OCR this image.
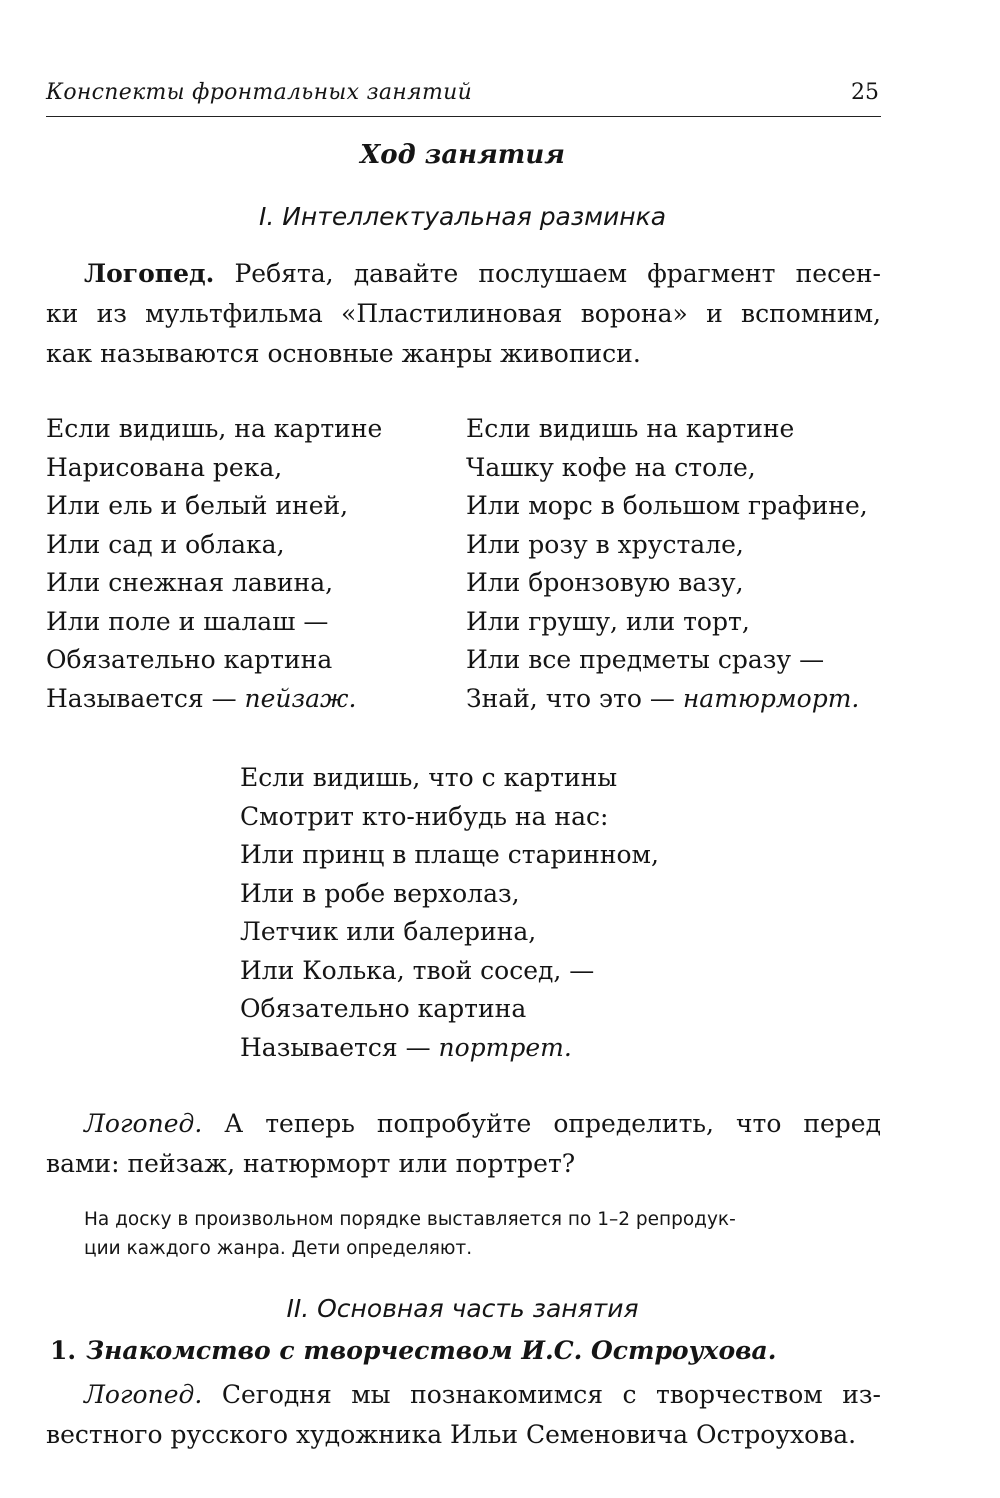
Конспекты фронтальных занятий	25
Ход занятия
I. Интеллектуальная разминка
Логопед. Ребята, давайте послушаем фрагмент песен-
ки из мультфильма «Пластилиновая ворона» и вспомним,
как называются основные жанры живописи.
Если видишь, на картине
Нарисована река,
Или ель и белый иней,
Или сад и облака,
Или снежная лавина,
Или поле и шалаш —
Обязательно картина
Называется — пейзаж.
Если видишь на картине
Чашку кофе на столе,
Или морс в большом графине,
Или розу в хрустале,
Или бронзовую вазу,
Или грушу, или торт,
Или все предметы сразу —
Знай, что это — натюрморт.
Если видишь, что с картины
Смотрит кто-нибудь на нас:
Или принц в плаще старинном,
Или в робе верхолаз,
Летчик или балерина,
Или Колька, твой сосед, —
Обязательно картина
Называется — портрет.
Логопед. А теперь попробуйте определить, что перед
вами: пейзаж, натюрморт или портрет?
На доску в произвольном порядке выставляется по 1–2 репродук-
ции каждого жанра. Дети определяют.
II. Основная часть занятия
1. Знакомство с творчеством И.С. Остроухова.
Логопед. Сегодня мы познакомимся с творчеством из-
вестного русского художника Ильи Семеновича Остроухова.
